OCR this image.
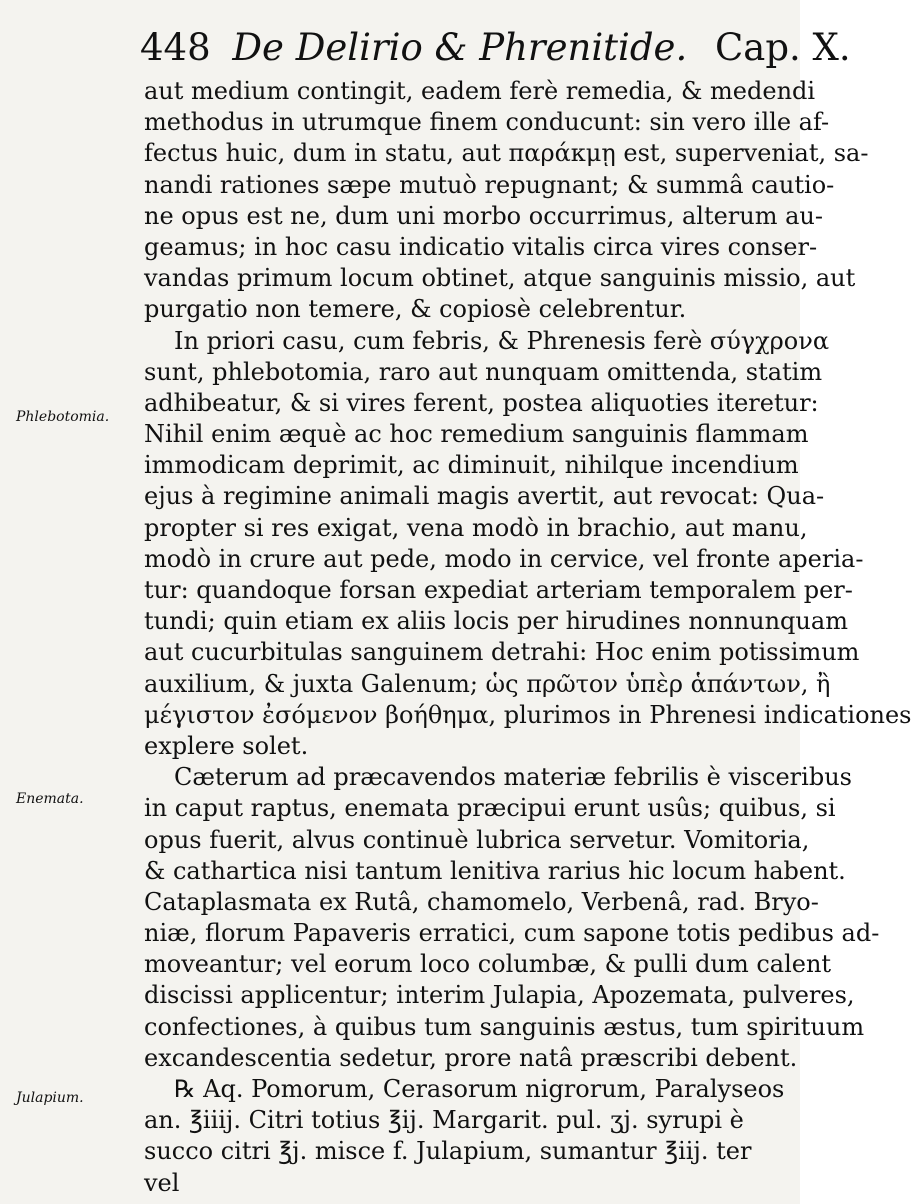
448 De Delirio & Phrenitide. Cap. X.
Phlebotomia.
Enemata.
Julapium.
aut medium contingit, eadem ferè remedia, & medendi
methodus in utrumque finem conducunt: sin vero ille af-
fectus huic, dum in statu, aut παράκμῃ est, superveniat, sa-
nandi rationes sæpe mutuò repugnant; & summâ cautio-
ne opus est ne, dum uni morbo occurrimus, alterum au-
geamus; in hoc casu indicatio vitalis circa vires conser-
vandas primum locum obtinet, atque sanguinis missio, aut
purgatio non temere, & copiosè celebrentur.
In priori casu, cum febris, & Phrenesis ferè σύγχρονα
sunt, phlebotomia, raro aut nunquam omittenda, statim
adhibeatur, & si vires ferent, postea aliquoties iteretur:
Nihil enim æquè ac hoc remedium sanguinis flammam
immodicam deprimit, ac diminuit, nihilque incendium
ejus à regimine animali magis avertit, aut revocat: Qua-
propter si res exigat, vena modò in brachio, aut manu,
modò in crure aut pede, modo in cervice, vel fronte aperia-
tur: quandoque forsan expediat arteriam temporalem per-
tundi; quin etiam ex aliis locis per hirudines nonnunquam
aut cucurbitulas sanguinem detrahi: Hoc enim potissimum
auxilium, & juxta Galenum; ὡς πρῶτον ὑπὲρ ἁπάντων, ἢ
μέγιστον ἐσόμενον βοήθημα, plurimos in Phrenesi indicationes
explere solet.
Cæterum ad præcavendos materiæ febrilis è visceribus
in caput raptus, enemata præcipui erunt usûs; quibus, si
opus fuerit, alvus continuè lubrica servetur. Vomitoria,
& cathartica nisi tantum lenitiva rarius hic locum habent.
Cataplasmata ex Rutâ, chamomelo, Verbenâ, rad. Bryo-
niæ, florum Papaveris erratici, cum sapone totis pedibus ad-
moveantur; vel eorum loco columbæ, & pulli dum calent
discissi applicentur; interim Julapia, Apozemata, pulveres,
confectiones, à quibus tum sanguinis æstus, tum spirituum
excandescentia sedetur, prore natâ præscribi debent.
℞ Aq. Pomorum, Cerasorum nigrorum, Paralyseos
an. ℥iiij. Citri totius ℥ij. Margarit. pul. ʒj. syrupi è
succo citri ℥j. misce f. Julapium, sumantur ℥iij. ter
vel
